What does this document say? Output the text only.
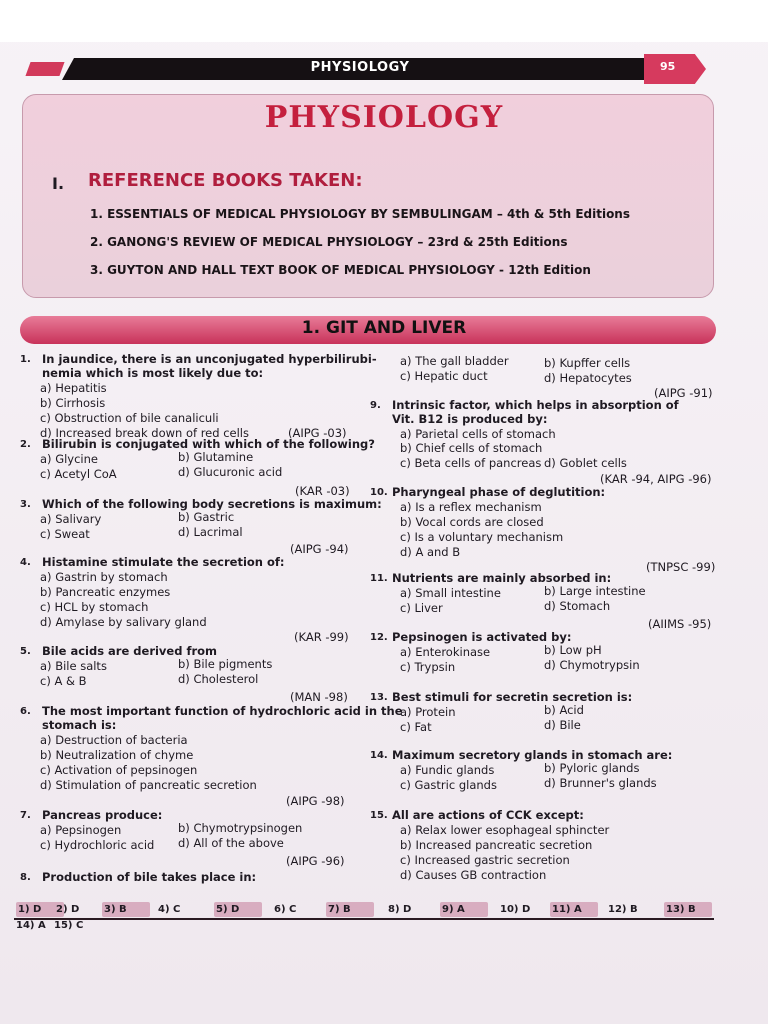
PHYSIOLOGY	95
PHYSIOLOGY
I. REFERENCE BOOKS TAKEN:
1. ESSENTIALS OF MEDICAL PHYSIOLOGY BY SEMBULINGAM – 4th & 5th Editions
2. GANONG'S REVIEW OF MEDICAL PHYSIOLOGY – 23rd & 25th Editions
3. GUYTON AND HALL TEXT BOOK OF MEDICAL PHYSIOLOGY - 12th Edition
1. GIT AND LIVER
1. In jaundice, there is an unconjugated hyperbilirubi-
nemia which is most likely due to:
a) Hepatitis
b) Cirrhosis
c) Obstruction of bile canaliculi
d) Increased break down of red cells	(AIPG -03)
2. Bilirubin is conjugated with which of the following?
a) Glycine	b) Glutamine
c) Acetyl CoA	d) Glucuronic acid
(KAR -03)
3. Which of the following body secretions is maximum:
a) Salivary	b) Gastric
c) Sweat	d) Lacrimal
(AIPG -94)
4. Histamine stimulate the secretion of:
a) Gastrin by stomach
b) Pancreatic enzymes
c) HCL by stomach
d) Amylase by salivary gland
(KAR -99)
5. Bile acids are derived from
a) Bile salts	b) Bile pigments
c) A & B	d) Cholesterol
(MAN -98)
6. The most important function of hydrochloric acid in the
stomach is:
a) Destruction of bacteria
b) Neutralization of chyme
c) Activation of pepsinogen
d) Stimulation of pancreatic secretion
(AIPG -98)
7. Pancreas produce:
a) Pepsinogen	b) Chymotrypsinogen
c) Hydrochloric acid d) All of the above
(AIPG -96)
8. Production of bile takes place in:
a) The gall bladder	b) Kupffer cells
c) Hepatic duct	d) Hepatocytes
(AIPG -91)
9. Intrinsic factor, which helps in absorption of
Vit. B12 is produced by:
a) Parietal cells of stomach
b) Chief cells of stomach
c) Beta cells of pancreas d) Goblet cells
(KAR -94, AIPG -96)
10. Pharyngeal phase of deglutition:
a) Is a reflex mechanism
b) Vocal cords are closed
c) Is a voluntary mechanism
d) A and B
(TNPSC -99)
11. Nutrients are mainly absorbed in:
a) Small intestine	b) Large intestine
c) Liver	d) Stomach
(AIIMS -95)
12. Pepsinogen is activated by:
a) Enterokinase	b) Low pH
c) Trypsin	d) Chymotrypsin
13. Best stimuli for secretin secretion is:
a) Protein	b) Acid
c) Fat	d) Bile
14. Maximum secretory glands in stomach are:
a) Fundic glands	b) Pyloric glands
c) Gastric glands	d) Brunner's glands
15. All are actions of CCK except:
a) Relax lower esophageal sphincter
b) Increased pancreatic secretion
c) Increased gastric secretion
d) Causes GB contraction
1) D 2) D 3) B	4) C	5) D	6) C	7) B	8) D	9) A	10) D 11) A	12) B	13) B
14) A 15) C
